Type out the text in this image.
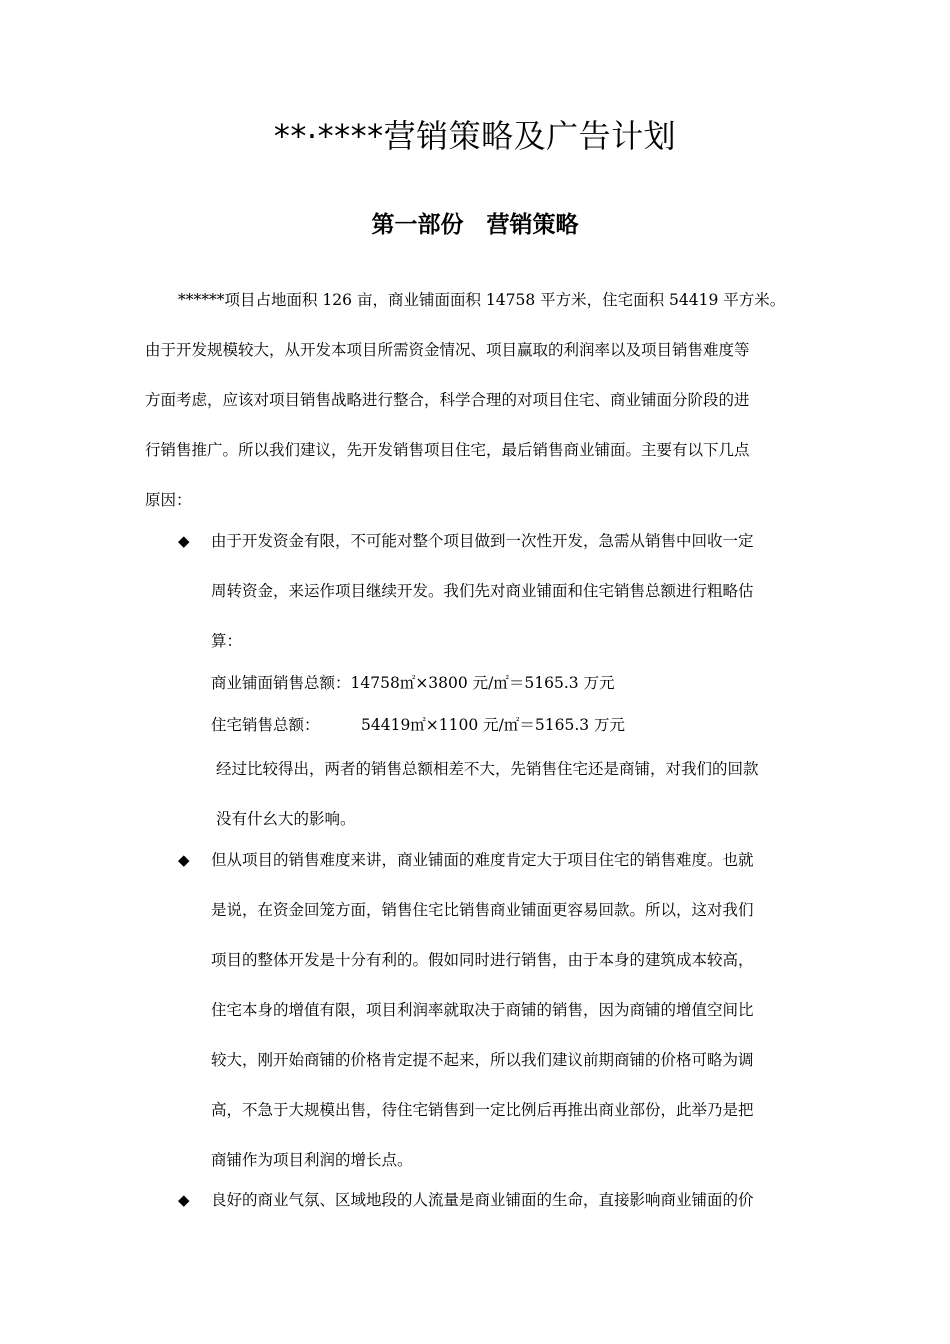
**·****营销策略及广告计划
第一部份　营销策略
******项目占地面积 126 亩，商业铺面面积 14758 平方米，住宅面积 54419 平方米。
由于开发规模较大，从开发本项目所需资金情况、项目赢取的利润率以及项目销售难度等
方面考虑，应该对项目销售战略进行整合，科学合理的对项目住宅、商业铺面分阶段的进
行销售推广。所以我们建议，先开发销售项目住宅，最后销售商业铺面。主要有以下几点
原因：
◆ 由于开发资金有限，不可能对整个项目做到一次性开发，急需从销售中回收一定
周转资金，来运作项目继续开发。我们先对商业铺面和住宅销售总额进行粗略估
算：
商业铺面销售总额：14758㎡×3800 元/㎡＝5165.3 万元
住宅销售总额：	54419㎡×1100 元/㎡＝5165.3 万元
经过比较得出，两者的销售总额相差不大，先销售住宅还是商铺，对我们的回款
没有什幺大的影响。
◆ 但从项目的销售难度来讲，商业铺面的难度肯定大于项目住宅的销售难度。也就
是说，在资金回笼方面，销售住宅比销售商业铺面更容易回款。所以，这对我们
项目的整体开发是十分有利的。假如同时进行销售，由于本身的建筑成本较高，
住宅本身的增值有限，项目利润率就取决于商铺的销售，因为商铺的增值空间比
较大，刚开始商铺的价格肯定提不起来，所以我们建议前期商铺的价格可略为调
高，不急于大规模出售，待住宅销售到一定比例后再推出商业部份，此举乃是把
商铺作为项目利润的增长点。
◆ 良好的商业气氛、区域地段的人流量是商业铺面的生命，直接影响商业铺面的价
